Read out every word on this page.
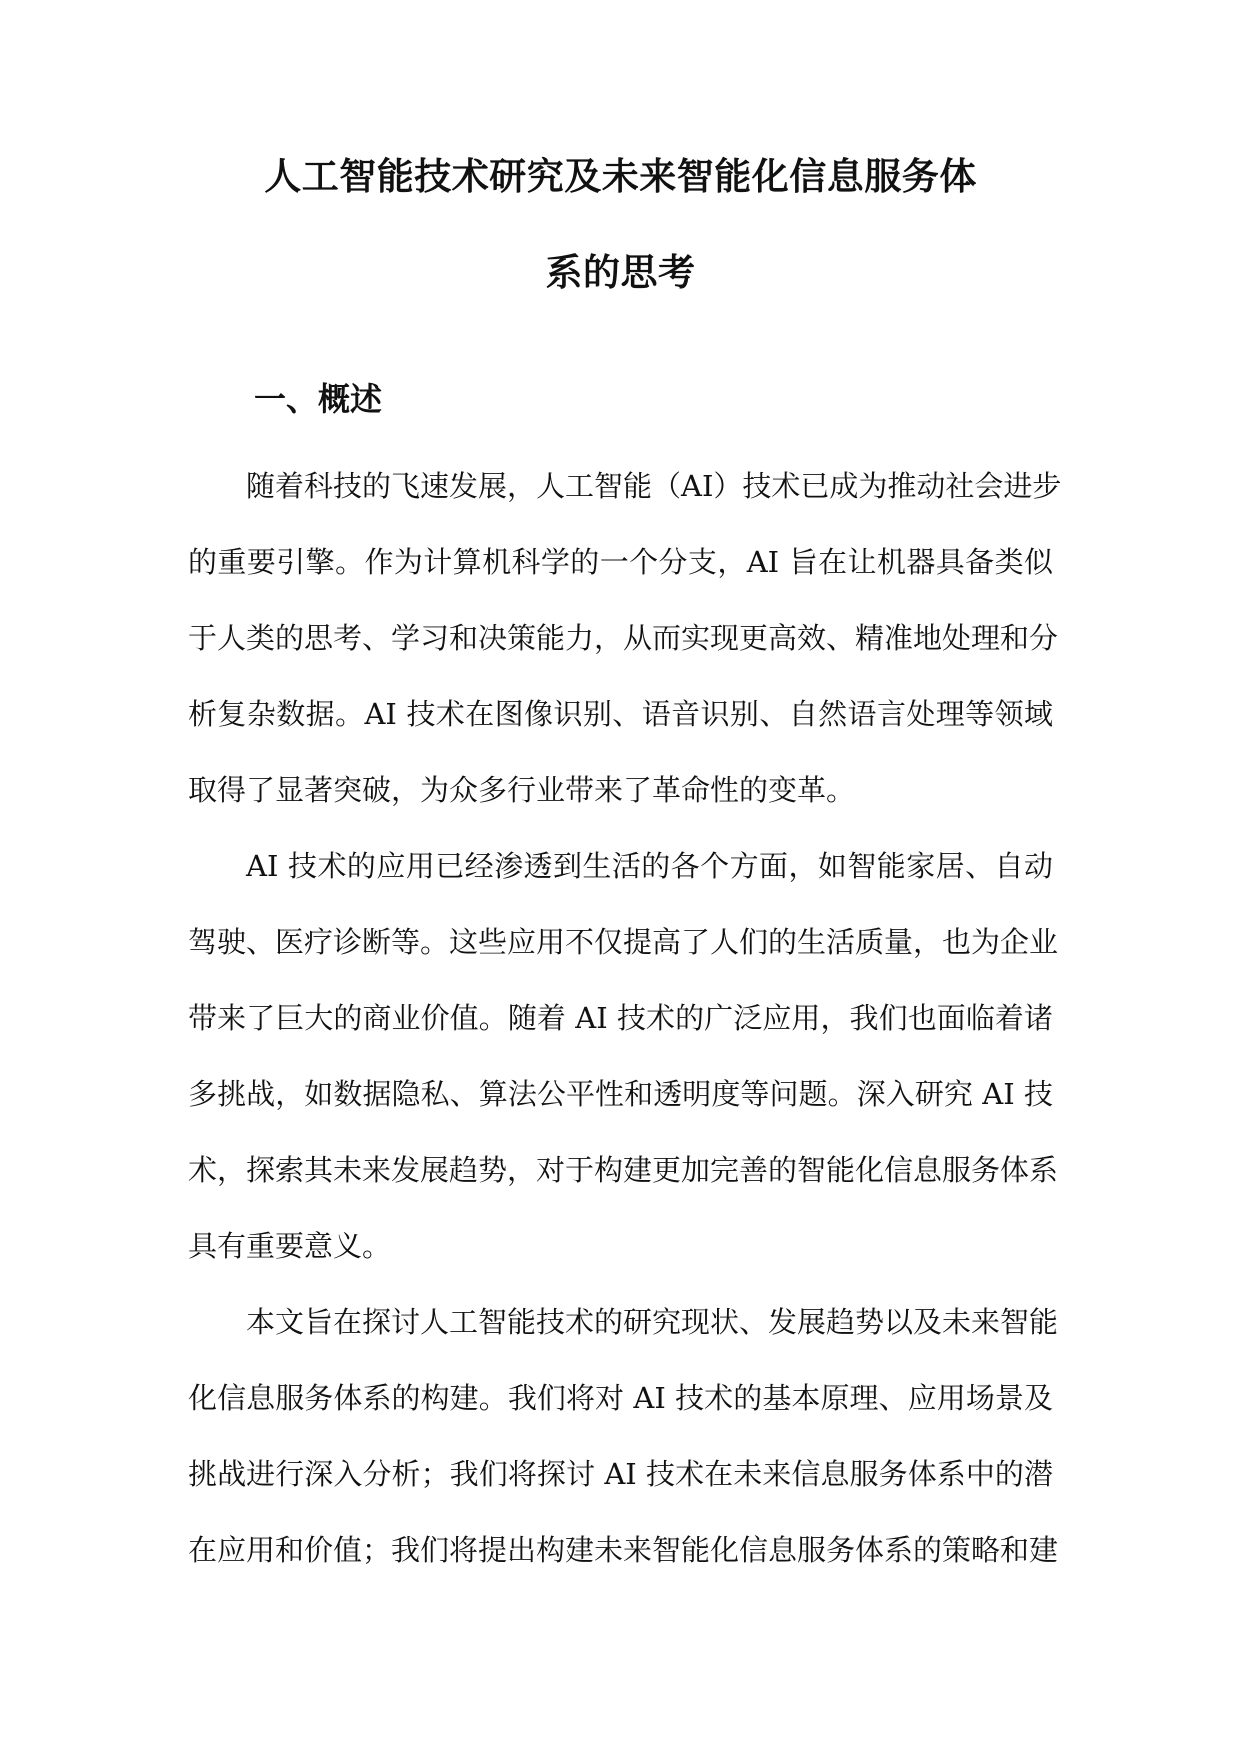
人工智能技术研究及未来智能化信息服务体
系的思考
一、概述
随着科技的飞速发展，人工智能（AI）技术已成为推动社会进步
的重要引擎。作为计算机科学的一个分支，AI 旨在让机器具备类似
于人类的思考、学习和决策能力，从而实现更高效、精准地处理和分
析复杂数据。AI 技术在图像识别、语音识别、自然语言处理等领域
取得了显著突破，为众多行业带来了革命性的变革。
AI 技术的应用已经渗透到生活的各个方面，如智能家居、自动
驾驶、医疗诊断等。这些应用不仅提高了人们的生活质量，也为企业
带来了巨大的商业价值。随着 AI 技术的广泛应用，我们也面临着诸
多挑战，如数据隐私、算法公平性和透明度等问题。深入研究 AI 技
术，探索其未来发展趋势，对于构建更加完善的智能化信息服务体系
具有重要意义。
本文旨在探讨人工智能技术的研究现状、发展趋势以及未来智能
化信息服务体系的构建。我们将对 AI 技术的基本原理、应用场景及
挑战进行深入分析；我们将探讨 AI 技术在未来信息服务体系中的潜
在应用和价值；我们将提出构建未来智能化信息服务体系的策略和建
